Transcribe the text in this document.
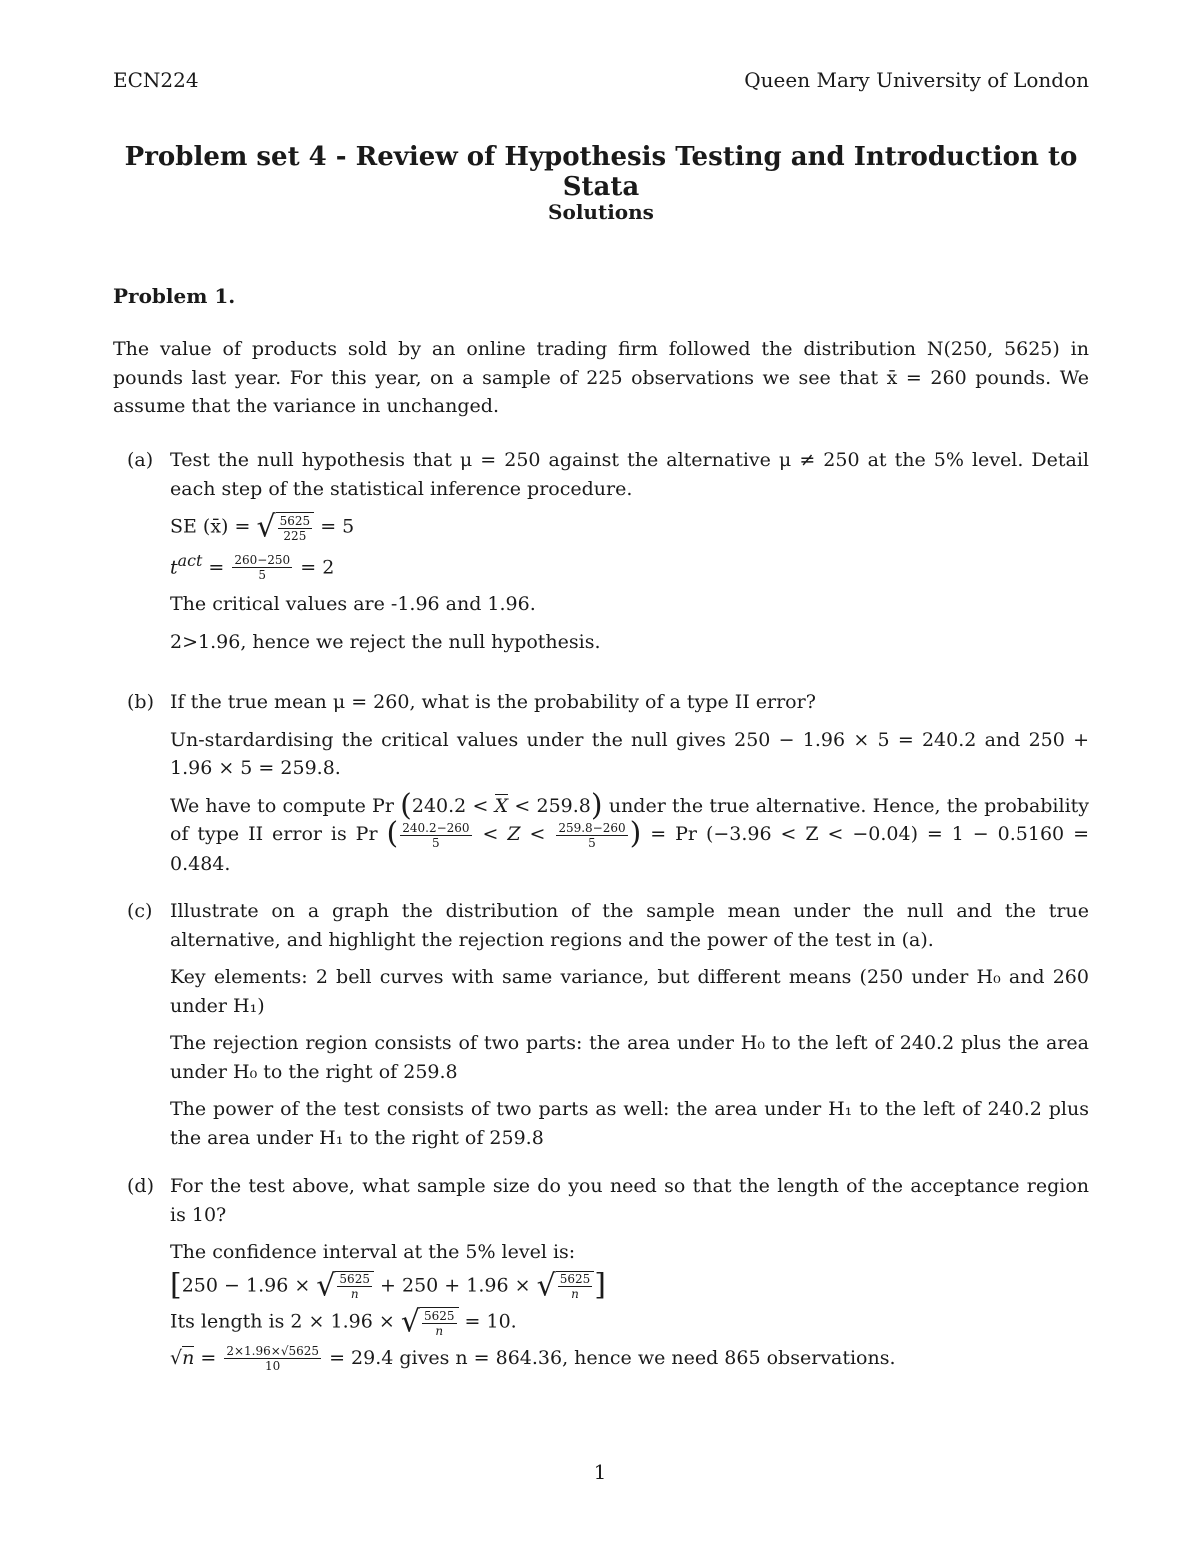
ECN224	Queen Mary University of London
Problem set 4 - Review of Hypothesis Testing and Introduction to Stata
Solutions
Problem 1.
The value of products sold by an online trading firm followed the distribution N(250, 5625) in pounds last year. For this year, on a sample of 225 observations we see that x̄ = 260 pounds. We assume that the variance in unchanged.
(a) Test the null hypothesis that μ = 250 against the alternative μ ≠ 250 at the 5% level. Detail each step of the statistical inference procedure.

SE (x̄) = √ $\frac{5625}{225} = 5$

$t^{act} = \frac{260-250}{5} = 2$

The critical values are -1.96 and 1.96.

2>1.96, hence we reject the null hypothesis.

(b) If the true mean μ = 260, what is the probability of a type II error?

Un-stardardising the critical values under the null gives 250 − 1.96 × 5 = 240.2 and 250 + 1.96 × 5 = 259.8.

We have to compute Pr (240.2 < X < 259.8) under the true alternative. Hence, the probability of type II error is Pr ( $\frac{240.2-260}{5} < Z < \frac{259.8-260}{5}$ ) = Pr (−3.96 < Z < −0.04) = 1 − 0.5160 = 0.484.

(c) Illustrate on a graph the distribution of the sample mean under the null and the true alternative, and highlight the rejection regions and the power of the test in (a).

Key elements: 2 bell curves with same variance, but different means (250 under H₀ and 260 under H₁)

The rejection region consists of two parts: the area under H₀ to the left of 240.2 plus the area under H₀ to the right of 259.8

The power of the test consists of two parts as well: the area under H₁ to the left of 240.2 plus the area under H₁ to the right of 259.8

(d) For the test above, what sample size do you need so that the length of the acceptance region is 10?

The confidence interval at the 5% level is:

[250 − 1.96 × √ $\frac{5625}{n} + 250 + 1.96$ × √ $\frac{5625}{n}$ ]

Its length is 2 × 1.96 × √ $\frac{5625}{n} = 10$.

$√n = \frac{2\times 1.96\times√5625}{10} = 29.4$ gives n = 864.36, hence we need 865 observations.

1
